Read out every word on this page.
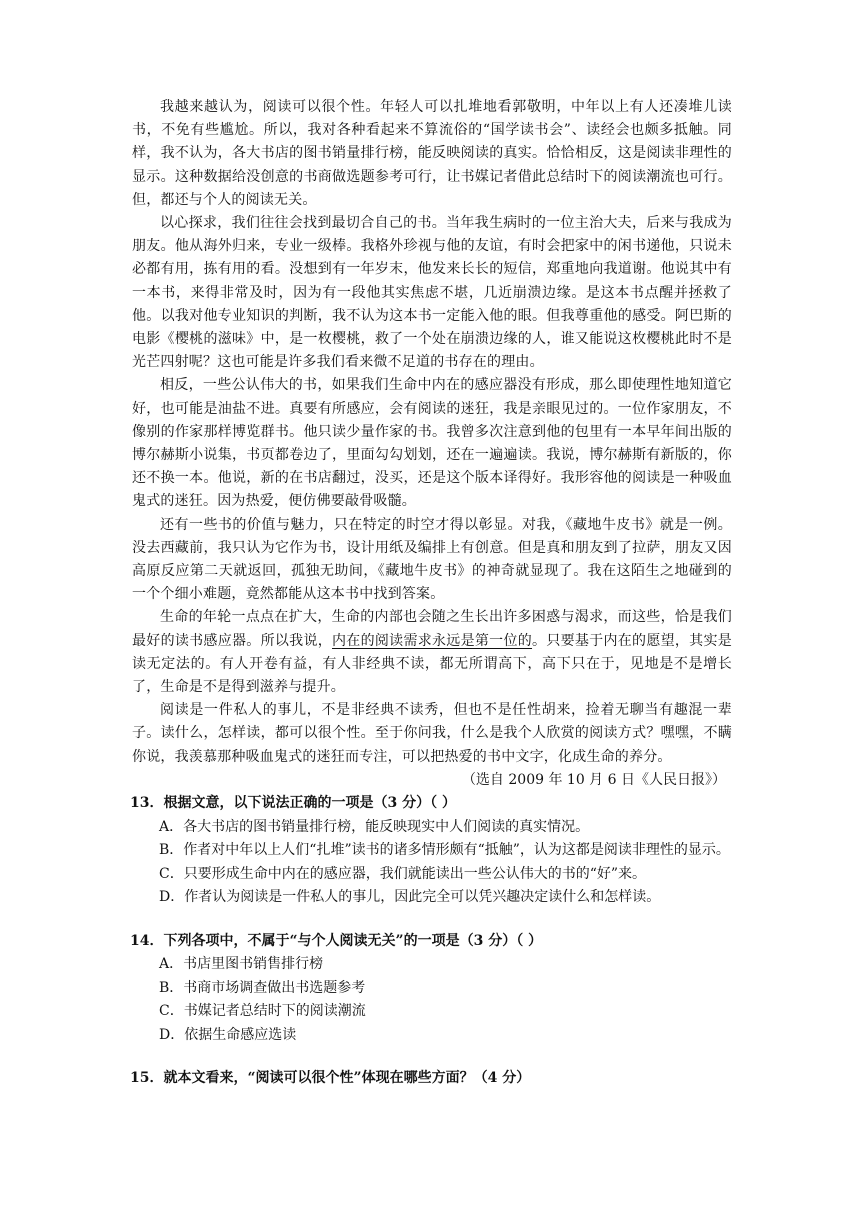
我越来越认为，阅读可以很个性。年轻人可以扎堆地看郭敬明，中年以上有人还凑堆儿读书，不免有些尴尬。所以，我对各种看起来不算流俗的“国学读书会”、读经会也颇多抵触。同样，我不认为，各大书店的图书销量排行榜，能反映阅读的真实。恰恰相反，这是阅读非理性的显示。这种数据给没创意的书商做选题参考可行，让书媒记者借此总结时下的阅读潮流也可行。但，都还与个人的阅读无关。

以心探求，我们往往会找到最切合自己的书。当年我生病时的一位主治大夫，后来与我成为朋友。他从海外归来，专业一级棒。我格外珍视与他的友谊，有时会把家中的闲书递他，只说未必都有用，拣有用的看。没想到有一年岁末，他发来长长的短信，郑重地向我道谢。他说其中有一本书，来得非常及时，因为有一段他其实焦虑不堪，几近崩溃边缘。是这本书点醒并拯救了他。以我对他专业知识的判断，我不认为这本书一定能入他的眼。但我尊重他的感受。阿巴斯的电影《樱桃的滋味》中，是一枚樱桃，救了一个处在崩溃边缘的人，谁又能说这枚樱桃此时不是光芒四射呢？这也可能是许多我们看来微不足道的书存在的理由。

相反，一些公认伟大的书，如果我们生命中内在的感应器没有形成，那么即使理性地知道它好，也可能是油盐不进。真要有所感应，会有阅读的迷狂，我是亲眼见过的。一位作家朋友，不像别的作家那样博览群书。他只读少量作家的书。我曾多次注意到他的包里有一本早年间出版的博尔赫斯小说集，书页都卷边了，里面勾勾划划，还在一遍遍读。我说，博尔赫斯有新版的，你还不换一本。他说，新的在书店翻过，没买，还是这个版本译得好。我形容他的阅读是一种吸血鬼式的迷狂。因为热爱，便仿佛要敲骨吸髓。

还有一些书的价值与魅力，只在特定的时空才得以彰显。对我，《藏地牛皮书》就是一例。没去西藏前，我只认为它作为书，设计用纸及编排上有创意。但是真和朋友到了拉萨，朋友又因高原反应第二天就返回，孤独无助间，《藏地牛皮书》的神奇就显现了。我在这陌生之地碰到的一个个细小难题，竟然都能从这本书中找到答案。

生命的年轮一点点在扩大，生命的内部也会随之生长出许多困惑与渴求，而这些，恰是我们最好的读书感应器。所以我说，内在的阅读需求永远是第一位的。只要基于内在的愿望，其实是读无定法的。有人开卷有益，有人非经典不读，都无所谓高下，高下只在于，见地是不是增长了，生命是不是得到滋养与提升。

阅读是一件私人的事儿，不是非经典不读秀，但也不是任性胡来，捡着无聊当有趣混一辈子。读什么，怎样读，都可以很个性。至于你问我，什么是我个人欣赏的阅读方式？嘿嘿，不瞒你说，我羡慕那种吸血鬼式的迷狂而专注，可以把热爱的书中文字，化成生命的养分。

（选自 2009 年 10 月 6 日《人民日报》）

13．根据文意，以下说法正确的一项是（3 分）（ ）

A．各大书店的图书销量排行榜，能反映现实中人们阅读的真实情况。

B．作者对中年以上人们“扎堆”读书的诸多情形颇有“抵触”，认为这都是阅读非理性的显示。

C．只要形成生命中内在的感应器，我们就能读出一些公认伟大的书的“好”来。

D．作者认为阅读是一件私人的事儿，因此完全可以凭兴趣决定读什么和怎样读。

14．下列各项中，不属于“与个人阅读无关”的一项是（3 分）（ ）

A．书店里图书销售排行榜

B．书商市场调查做出书选题参考

C．书媒记者总结时下的阅读潮流

D．依据生命感应选读

15．就本文看来，“阅读可以很个性”体现在哪些方面？（4 分）
